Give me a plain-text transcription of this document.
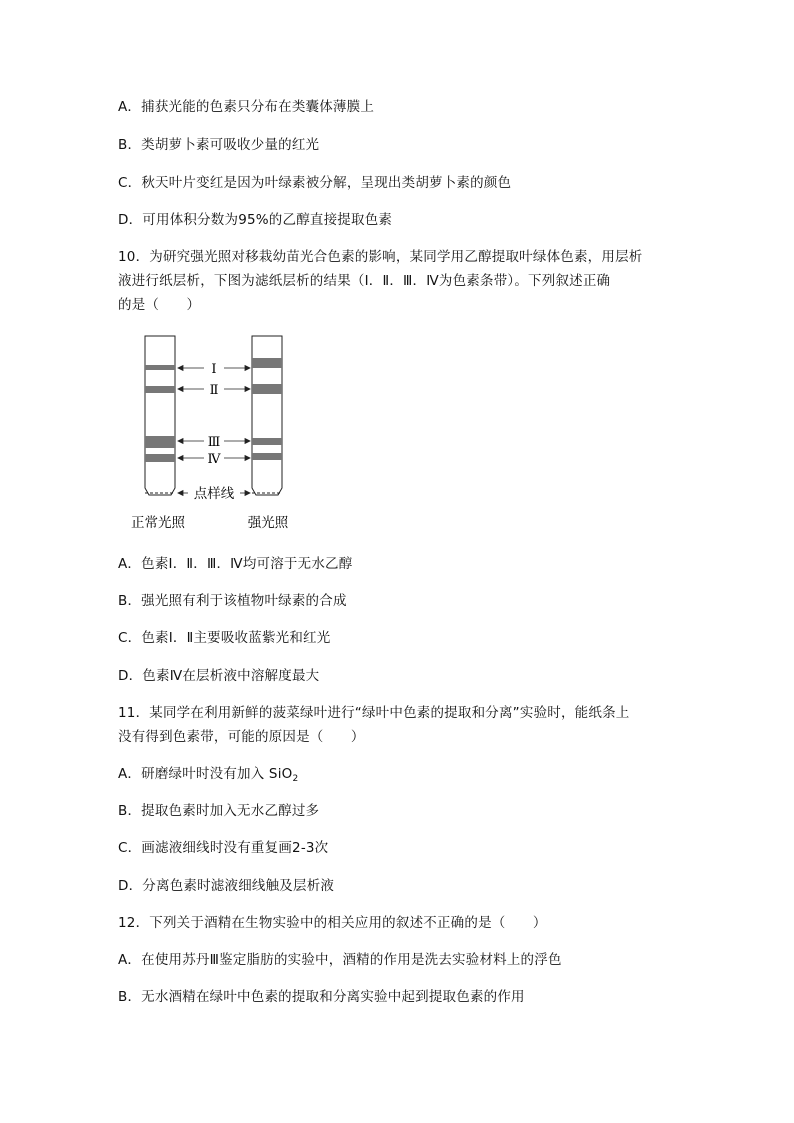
A．捕获光能的色素只分布在类囊体薄膜上
B．类胡萝卜素可吸收少量的红光
C．秋天叶片变红是因为叶绿素被分解，呈现出类胡萝卜素的颜色
D．可用体积分数为95%的乙醇直接提取色素
10．为研究强光照对移栽幼苗光合色素的影响，某同学用乙醇提取叶绿体色素，用层析
液进行纸层析，下图为滤纸层析的结果（Ⅰ．Ⅱ．Ⅲ．Ⅳ为色素条带）。下列叙述正确
的是（　　）
Ⅰ
Ⅱ
Ⅲ
Ⅳ
点样线
正常光照	强光照
A．色素Ⅰ．Ⅱ．Ⅲ．Ⅳ均可溶于无水乙醇
B．强光照有利于该植物叶绿素的合成
C．色素Ⅰ．Ⅱ主要吸收蓝紫光和红光
D．色素Ⅳ在层析液中溶解度最大
11．某同学在利用新鲜的菠菜绿叶进行“绿叶中色素的提取和分离”实验时，能纸条上
没有得到色素带，可能的原因是（　　）
A．研磨绿叶时没有加入 SiO$_2$
B．提取色素时加入无水乙醇过多
C．画滤液细线时没有重复画2-3次
D．分离色素时滤液细线触及层析液
12．下列关于酒精在生物实验中的相关应用的叙述不正确的是（　　）
A．在使用苏丹Ⅲ鉴定脂肪的实验中，酒精的作用是洗去实验材料上的浮色
B．无水酒精在绿叶中色素的提取和分离实验中起到提取色素的作用
